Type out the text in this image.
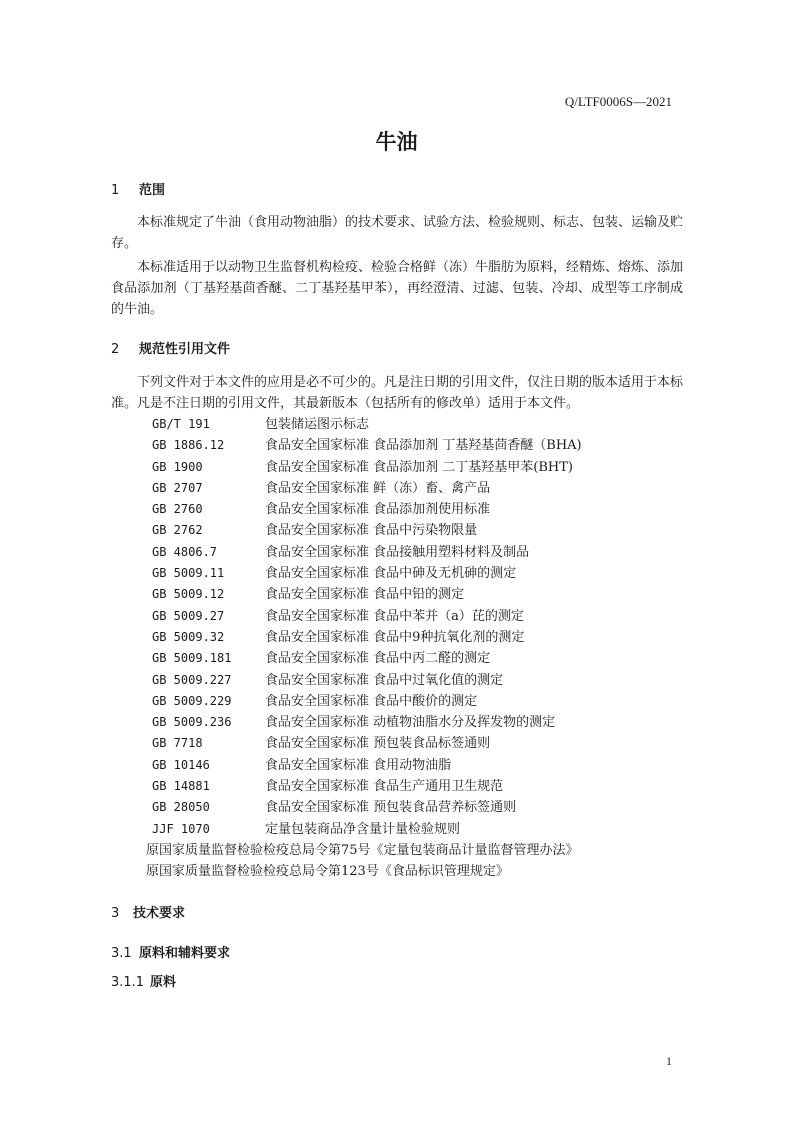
Q/LTF0006S—2021
牛油
1 范围
本标准规定了牛油（食用动物油脂）的技术要求、试验方法、检验规则、标志、包装、运输及贮存。
本标准适用于以动物卫生监督机构检疫、检验合格鲜（冻）牛脂肪为原料，经精炼、熔炼、添加食品添加剂（丁基羟基茴香醚、二丁基羟基甲苯），再经澄清、过滤、包装、冷却、成型等工序制成的牛油。
2 规范性引用文件
下列文件对于本文件的应用是必不可少的。凡是注日期的引用文件，仅注日期的版本适用于本标准。凡是不注日期的引用文件，其最新版本（包括所有的修改单）适用于本文件。
GB/T 191	包装储运图示标志
GB 1886.12	食品安全国家标准 食品添加剂 丁基羟基茴香醚（BHA)
GB 1900	食品安全国家标准 食品添加剂 二丁基羟基甲苯(BHT)
GB 2707	食品安全国家标准 鲜（冻）畜、禽产品
GB 2760	食品安全国家标准 食品添加剂使用标准
GB 2762	食品安全国家标准 食品中污染物限量
GB 4806.7	食品安全国家标准 食品接触用塑料材料及制品
GB 5009.11	食品安全国家标准 食品中砷及无机砷的测定
GB 5009.12	食品安全国家标准 食品中铅的测定
GB 5009.27	食品安全国家标准 食品中苯并（a）芘的测定
GB 5009.32	食品安全国家标准 食品中9种抗氧化剂的测定
GB 5009.181	食品安全国家标准 食品中丙二醛的测定
GB 5009.227	食品安全国家标准 食品中过氧化值的测定
GB 5009.229	食品安全国家标准 食品中酸价的测定
GB 5009.236	食品安全国家标准 动植物油脂水分及挥发物的测定
GB 7718	食品安全国家标准 预包装食品标签通则
GB 10146	食品安全国家标准 食用动物油脂
GB 14881	食品安全国家标准 食品生产通用卫生规范
GB 28050	食品安全国家标准 预包装食品营养标签通则
JJF 1070	定量包装商品净含量计量检验规则
原国家质量监督检验检疫总局令第75号《定量包装商品计量监督管理办法》
原国家质量监督检验检疫总局令第123号《食品标识管理规定》
3 技术要求
3.1 原料和辅料要求
3.1.1 原料
1
